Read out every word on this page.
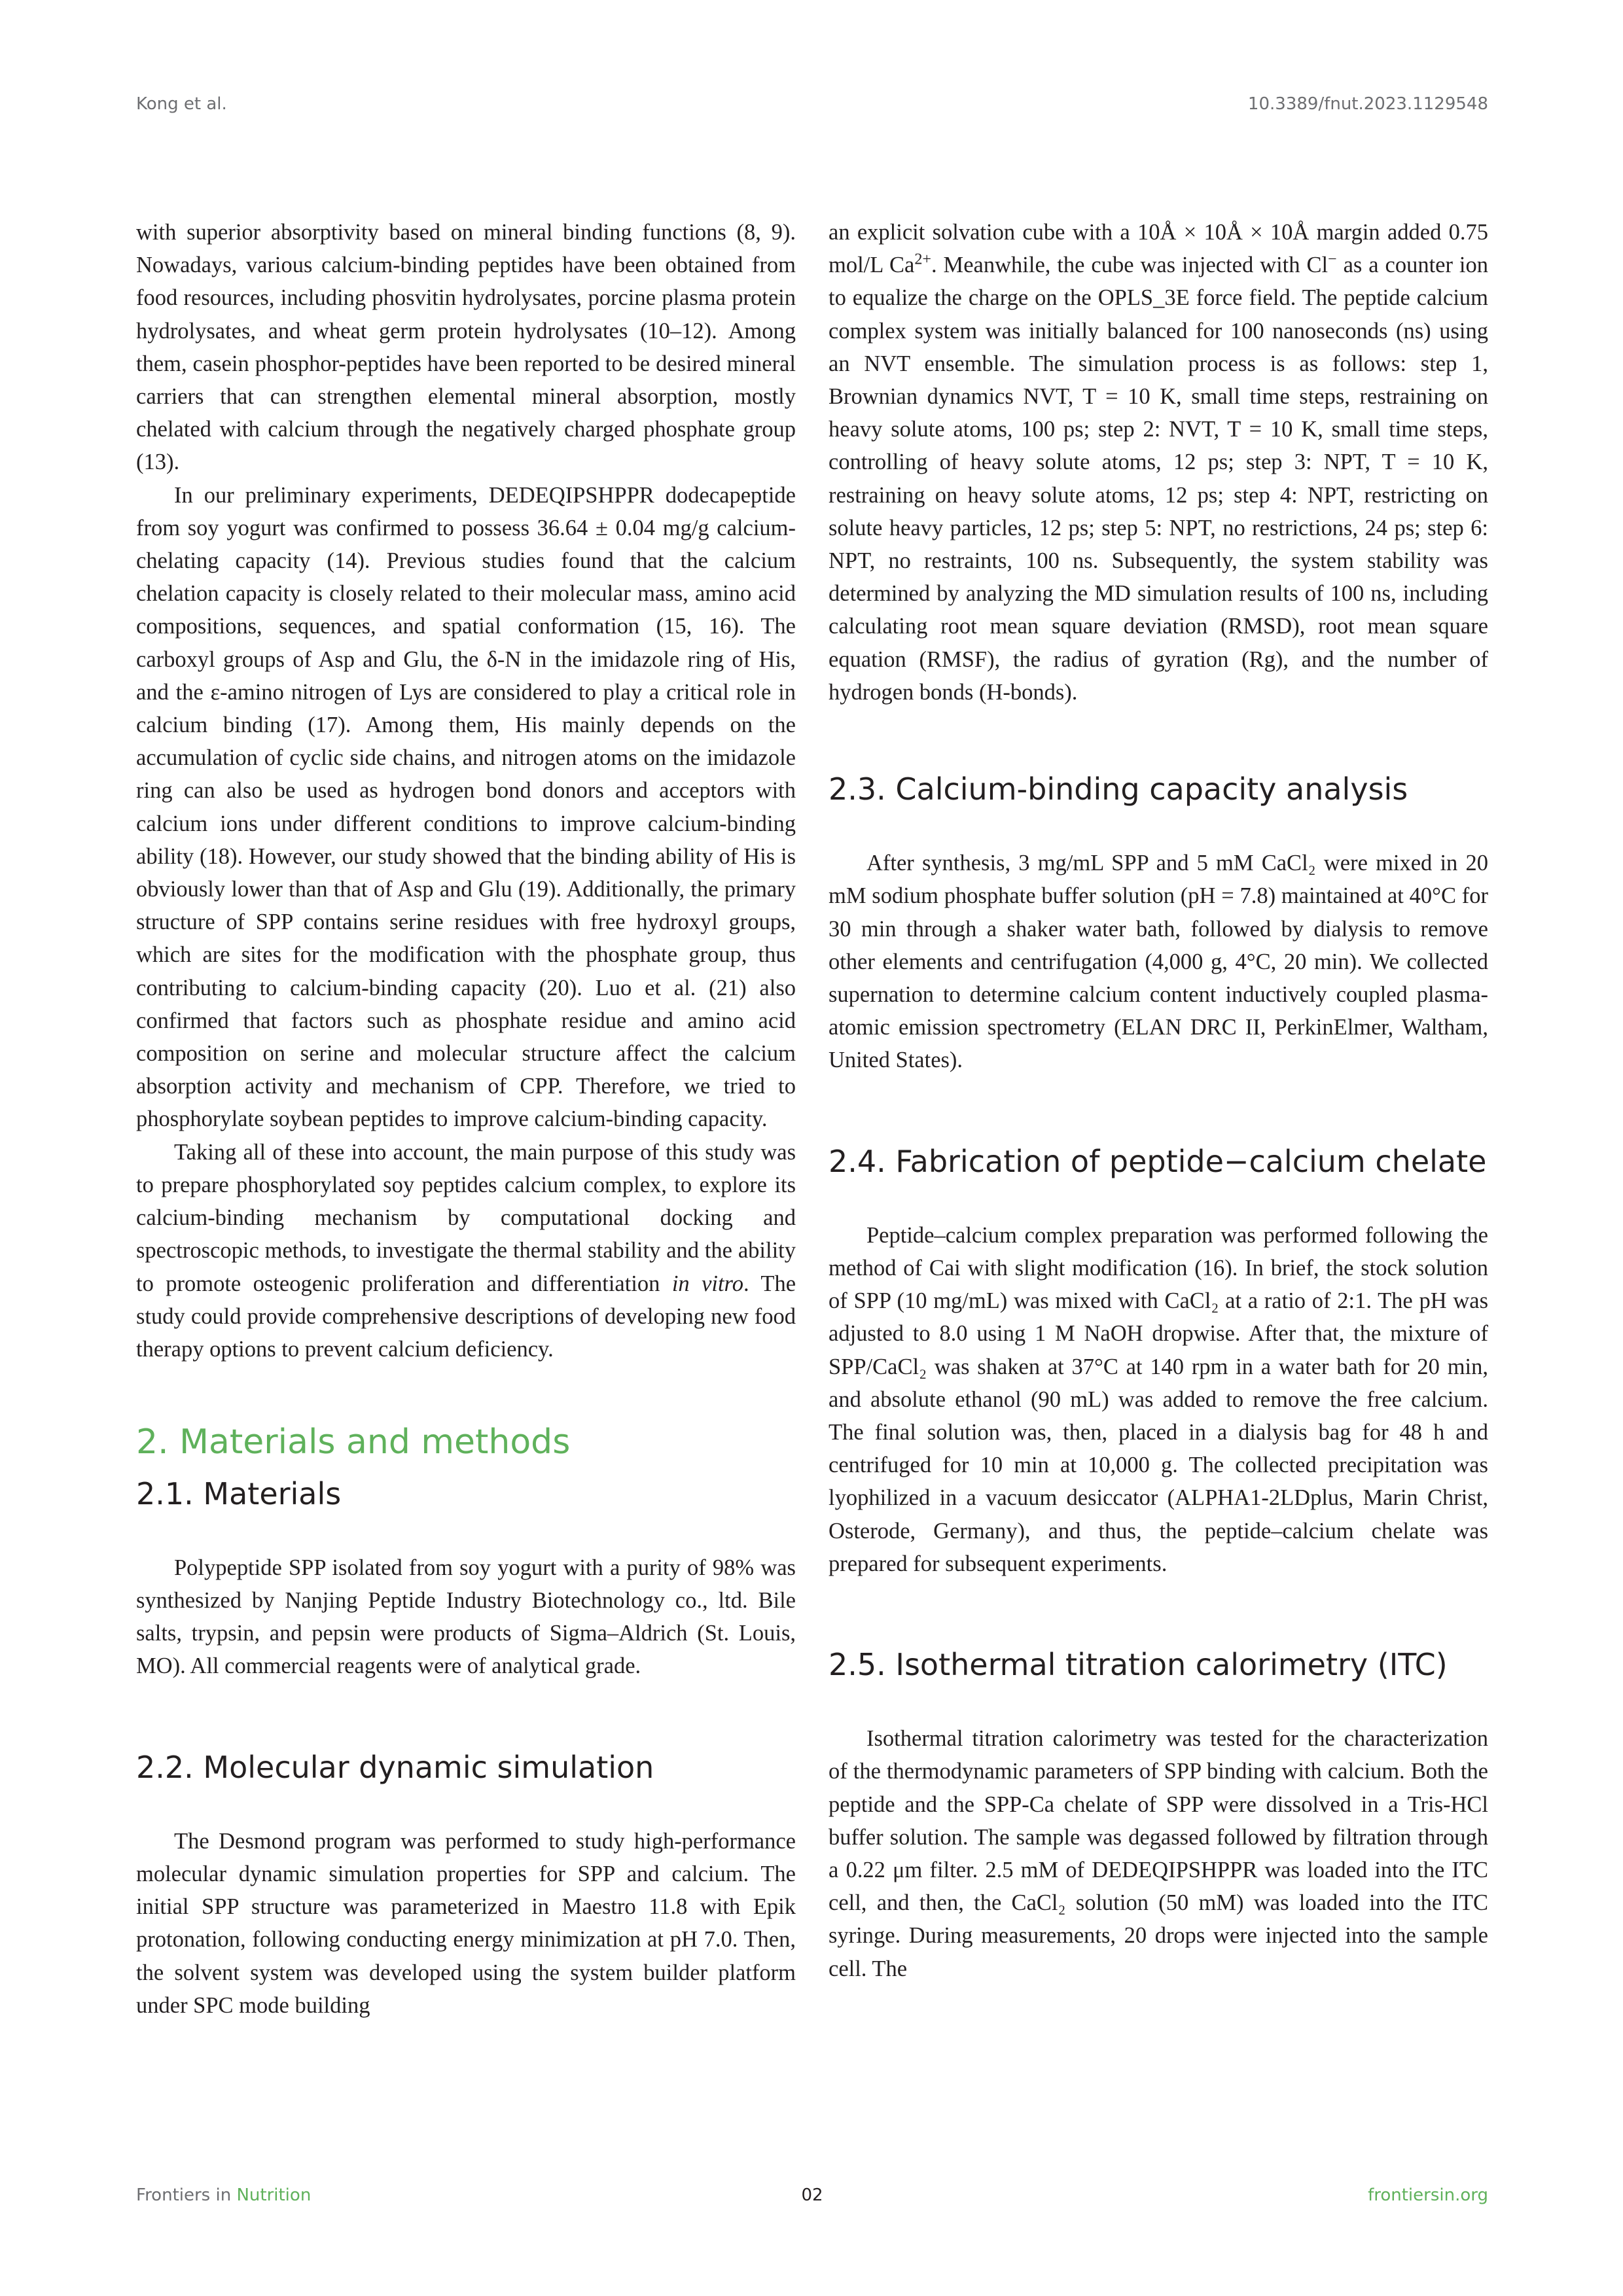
Kong et al.	10.3389/fnut.2023.1129548

with superior absorptivity based on mineral binding functions (8, 9). Nowadays, various calcium-binding peptides have been obtained from food resources, including phosvitin hydrolysates, porcine plasma protein hydrolysates, and wheat germ protein hydrolysates (10–12). Among them, casein phosphor-peptides have been reported to be desired mineral carriers that can strengthen elemental mineral absorption, mostly chelated with calcium through the negatively charged phosphate group (13).

In our preliminary experiments, DEDEQIPSHPPR dodecapeptide from soy yogurt was confirmed to possess 36.64 ± 0.04 mg/g calcium-chelating capacity (14). Previous studies found that the calcium chelation capacity is closely related to their molecular mass, amino acid compositions, sequences, and spatial conformation (15, 16). The carboxyl groups of Asp and Glu, the δ-N in the imidazole ring of His, and the ε-amino nitrogen of Lys are considered to play a critical role in calcium binding (17). Among them, His mainly depends on the accumulation of cyclic side chains, and nitrogen atoms on the imidazole ring can also be used as hydrogen bond donors and acceptors with calcium ions under different conditions to improve calcium-binding ability (18). However, our study showed that the binding ability of His is obviously lower than that of Asp and Glu (19). Additionally, the primary structure of SPP contains serine residues with free hydroxyl groups, which are sites for the modification with the phosphate group, thus contributing to calcium-binding capacity (20). Luo et al. (21) also confirmed that factors such as phosphate residue and amino acid composition on serine and molecular structure affect the calcium absorption activity and mechanism of CPP. Therefore, we tried to phosphorylate soybean peptides to improve calcium-binding capacity.

Taking all of these into account, the main purpose of this study was to prepare phosphorylated soy peptides calcium complex, to explore its calcium-binding mechanism by computational docking and spectroscopic methods, to investigate the thermal stability and the ability to promote osteogenic proliferation and differentiation in vitro. The study could provide comprehensive descriptions of developing new food therapy options to prevent calcium deficiency.

2. Materials and methods
2.1. Materials

Polypeptide SPP isolated from soy yogurt with a purity of 98% was synthesized by Nanjing Peptide Industry Biotechnology co., ltd. Bile salts, trypsin, and pepsin were products of Sigma–Aldrich (St. Louis, MO). All commercial reagents were of analytical grade.

2.2. Molecular dynamic simulation

The Desmond program was performed to study high-performance molecular dynamic simulation properties for SPP and calcium. The initial SPP structure was parameterized in Maestro 11.8 with Epik protonation, following conducting energy minimization at pH 7.0. Then, the solvent system was developed using the system builder platform under SPC mode building

an explicit solvation cube with a 10Å × 10Å × 10Å margin added 0.75 mol/L $Ca^{2+}$. Meanwhile, the cube was injected with Cl− as a counter ion to equalize the charge on the OPLS_3E force field. The peptide calcium complex system was initially balanced for 100 nanoseconds (ns) using an NVT ensemble. The simulation process is as follows: step 1, Brownian dynamics NVT, T = 10 K, small time steps, restraining on heavy solute atoms, 100 ps; step 2: NVT, T = 10 K, small time steps, controlling of heavy solute atoms, 12 ps; step 3: NPT, T = 10 K, restraining on heavy solute atoms, 12 ps; step 4: NPT, restricting on solute heavy particles, 12 ps; step 5: NPT, no restrictions, 24 ps; step 6: NPT, no restraints, 100 ns. Subsequently, the system stability was determined by analyzing the MD simulation results of 100 ns, including calculating root mean square deviation (RMSD), root mean square equation (RMSF), the radius of gyration (Rg), and the number of hydrogen bonds (H-bonds).

2.3. Calcium-binding capacity analysis

After synthesis, 3 mg/mL SPP and 5 mM CaCl₂ were mixed in 20 mM sodium phosphate buffer solution (pH = 7.8) maintained at 40°C for 30 min through a shaker water bath, followed by dialysis to remove other elements and centrifugation (4,000 g, 4°C, 20 min). We collected supernation to determine calcium content inductively coupled plasma-atomic emission spectrometry (ELAN DRC II, PerkinElmer, Waltham, United States).

2.4. Fabrication of peptide−calcium chelate

Peptide–calcium complex preparation was performed following the method of Cai with slight modification (16). In brief, the stock solution of SPP (10 mg/mL) was mixed with CaCl₂ at a ratio of 2:1. The pH was adjusted to 8.0 using 1 M NaOH dropwise. After that, the mixture of SPP/CaCl₂ was shaken at 37°C at 140 rpm in a water bath for 20 min, and absolute ethanol (90 mL) was added to remove the free calcium. The final solution was, then, placed in a dialysis bag for 48 h and centrifuged for 10 min at 10,000 g. The collected precipitation was lyophilized in a vacuum desiccator (ALPHA1-2LDplus, Marin Christ, Osterode, Germany), and thus, the peptide–calcium chelate was prepared for subsequent experiments.

2.5. Isothermal titration calorimetry (ITC)

Isothermal titration calorimetry was tested for the characterization of the thermodynamic parameters of SPP binding with calcium. Both the peptide and the SPP-Ca chelate of SPP were dissolved in a Tris-HCl buffer solution. The sample was degassed followed by filtration through a 0.22 μm filter. 2.5 mM of DEDEQIPSHPPR was loaded into the ITC cell, and then, the CaCl₂ solution (50 mM) was loaded into the ITC syringe. During measurements, 20 drops were injected into the sample cell. The

Frontiers in Nutrition	02	frontiersin.org
